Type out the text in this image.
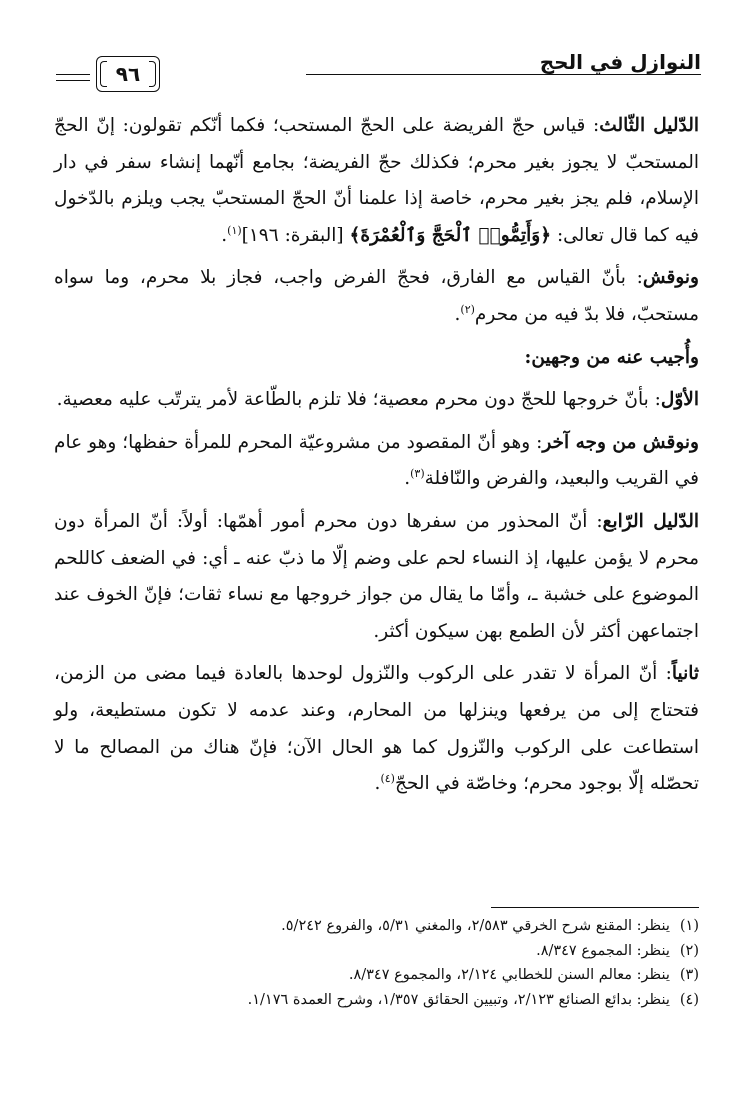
النوازل في الحج
٩٦

الدّليل الثّالث: قياس حجّ الفريضة على الحجّ المستحب؛ فكما أنّكم تقولون: إنّ الحجّ المستحبّ لا يجوز بغير محرم؛ فكذلك حجّ الفريضة؛ بجامع أنّهما إنشاء سفر في دار الإسلام، فلم يجز بغير محرم، خاصة إذا علمنا أنّ الحجّ المستحبّ يجب ويلزم بالدّخول فيه كما قال تعالى: ﴿وَأَتِمُّوا۟ ٱلْحَجَّ وَٱلْعُمْرَةَ﴾ [البقرة: ١٩٦]$^{(١)}$.

ونوقش: بأنّ القياس مع الفارق، فحجّ الفرض واجب، فجاز بلا محرم، وما سواه مستحبّ، فلا بدّ فيه من محرم$^{(٢)}$.

وأُجيب عنه من وجهين:

الأوّل: بأنّ خروجها للحجّ دون محرم معصية؛ فلا تلزم بالطّاعة لأمر يترتّب عليه معصية.

ونوقش من وجه آخر: وهو أنّ المقصود من مشروعيّة المحرم للمرأة حفظها؛ وهو عام في القريب والبعيد، والفرض والنّافلة$^{(٣)}$.

الدّليل الرّابع: أنّ المحذور من سفرها دون محرم أمور أهمّها: أولاً: أنّ المرأة دون محرم لا يؤمن عليها، إذ النساء لحم على وضم إلّا ما ذبّ عنه ـ أي: في الضعف كاللحم الموضوع على خشبة ـ، وأمّا ما يقال من جواز خروجها مع نساء ثقات؛ فإنّ الخوف عند اجتماعهن أكثر لأن الطمع بهن سيكون أكثر.

ثانياً: أنّ المرأة لا تقدر على الركوب والنّزول لوحدها بالعادة فيما مضى من الزمن، فتحتاج إلى من يرفعها وينزلها من المحارم، وعند عدمه لا تكون مستطيعة، ولو استطاعت على الركوب والنّزول كما هو الحال الآن؛ فإنّ هناك من المصالح ما لا تحصّله إلّا بوجود محرم؛ وخاصّة في الحجّ$^{(٤)}$.

(١)ينظر: المقنع شرح الخرقي ٢/٥٨٣، والمغني ٥/٣١، والفروع ٥/٢٤٢.

(٢)ينظر: المجموع ٨/٣٤٧.

(٣)ينظر: معالم السنن للخطابي ٢/١٢٤، والمجموع ٨/٣٤٧.

(٤)ينظر: بدائع الصنائع ٢/١٢٣، وتبيين الحقائق ١/٣٥٧، وشرح العمدة ١/١٧٦.
